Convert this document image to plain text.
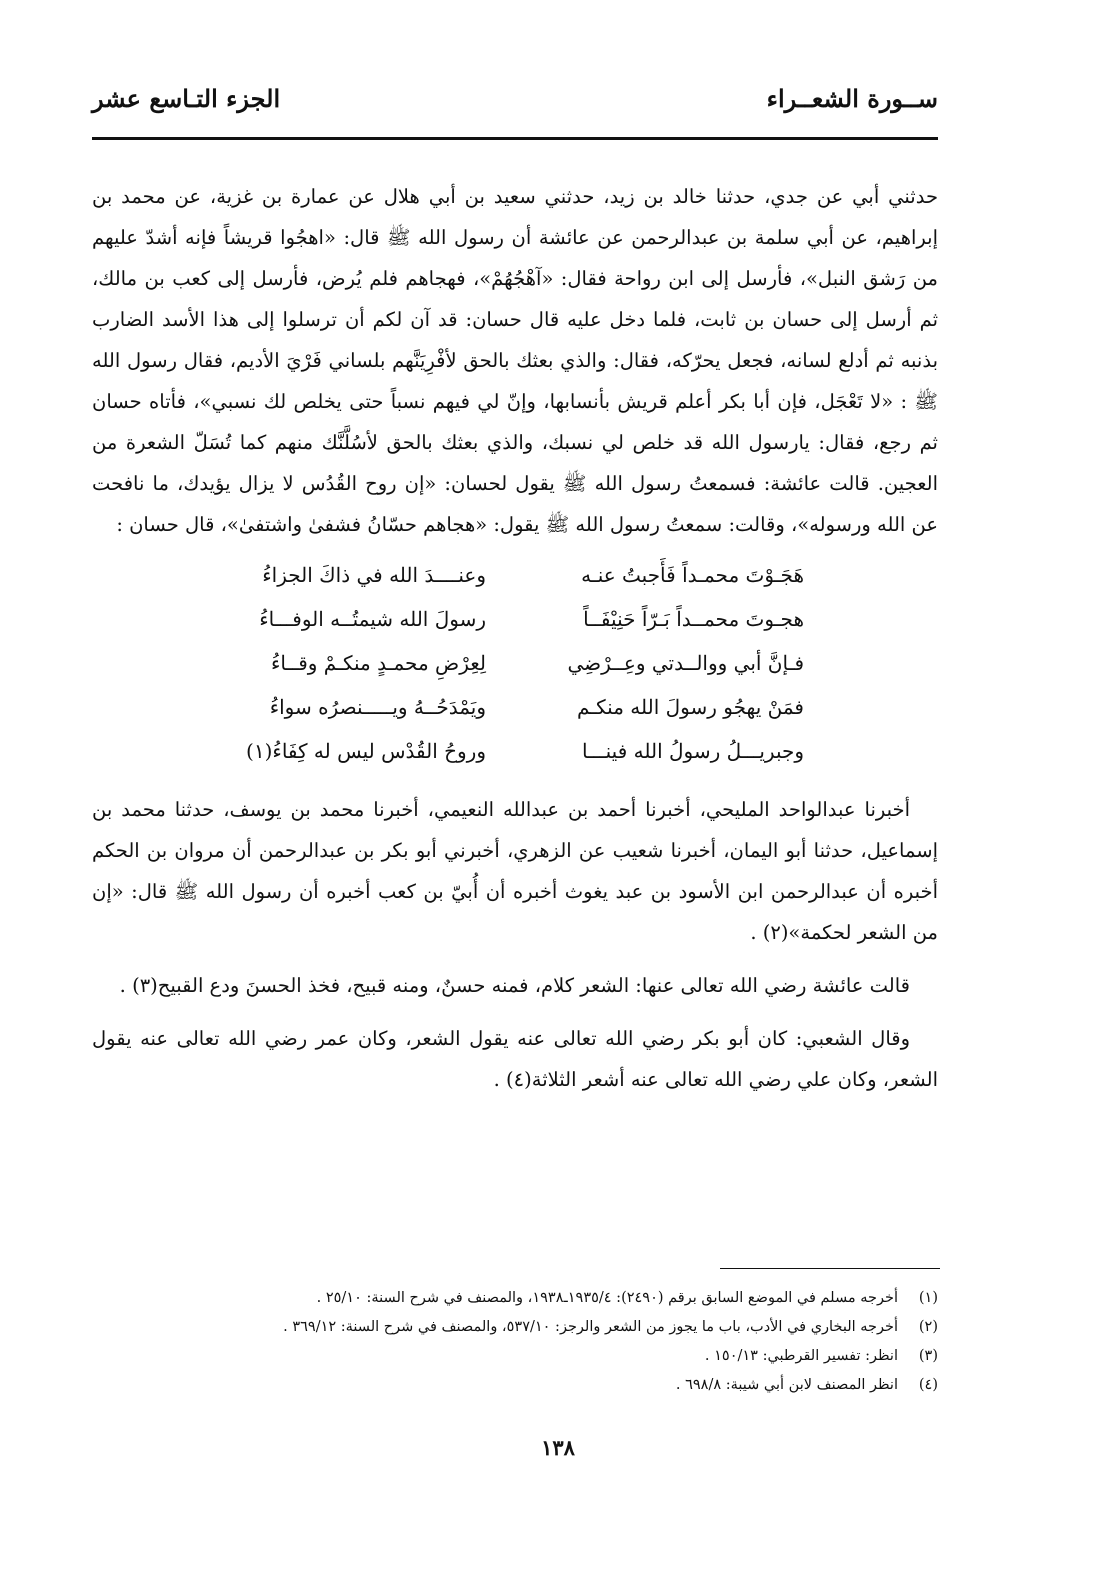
ســورة الشعــراء
الجزء التـاسع عشر

حدثني أبي عن جدي، حدثنا خالد بن زيد، حدثني سعيد بن أبي هلال عن عمارة بن غزية، عن محمد بن إبراهيم، عن أبي سلمة بن عبدالرحمن عن عائشة أن رسول الله ﷺ قال: «اهجُوا قريشاً فإنه أشدّ عليهم من رَشق النبل»، فأرسل إلى ابن رواحة فقال: «آهْجُهُمْ»، فهجاهم فلم يُرض، فأرسل إلى كعب بن مالك، ثم أرسل إلى حسان بن ثابت، فلما دخل عليه قال حسان: قد آن لكم أن ترسلوا إلى هذا الأسد الضارب بذنبه ثم أدلع لسانه، فجعل يحرّكه، فقال: والذي بعثك بالحق لأفْرِيَنَّهم بلساني فَرْيَ الأديم، فقال رسول الله ﷺ : «لا تَعْجَل، فإن أبا بكر أعلم قريش بأنسابها، وإنّ لي فيهم نسباً حتى يخلص لك نسبي»، فأتاه حسان ثم رجع، فقال: يارسول الله قد خلص لي نسبك، والذي بعثك بالحق لأسُلَّنَّك منهم كما تُسَلّ الشعرة من العجين. قالت عائشة: فسمعتُ رسول الله ﷺ يقول لحسان: «إن روح القُدُس لا يزال يؤيدك، ما نافحت عن الله ورسوله»، وقالت: سمعتُ رسول الله ﷺ يقول: «هجاهم حسّانُ فشفىٰ واشتفىٰ»، قال حسان :

هَجَـوْتَ محمـداً فَأَجبتُ عنـه
وعنــــدَ الله في ذاكَ الجزاءُ
هجـوتَ محمــداً بَـرّاً حَنِيْفَــاً
رسولَ الله شيمتُــه الوفـــاءُ
فـإنَّ أبي ووالــدتي وعِــرْضِي
لِعِرْضِ محمـدٍ منكـمْ وقــاءُ
فمَنْ يهجُو رسولَ الله منكـم
ويَمْدَحُــهُ ويـــــنصرُه سواءُ
وجبريـــلُ رسولُ الله فينـــا
وروحُ القُدْس ليس له كِفَاءُ(١)

أخبرنا عبدالواحد المليحي، أخبرنا أحمد بن عبدالله النعيمي، أخبرنا محمد بن يوسف، حدثنا محمد بن إسماعيل، حدثنا أبو اليمان، أخبرنا شعيب عن الزهري، أخبرني أبو بكر بن عبدالرحمن أن مروان بن الحكم أخبره أن عبدالرحمن ابن الأسود بن عبد يغوث أخبره أن أُبيّ بن كعب أخبره أن رسول الله ﷺ قال: «إن من الشعر لحكمة»(٢) .

قالت عائشة رضي الله تعالى عنها: الشعر كلام، فمنه حسنٌ، ومنه قبيح، فخذ الحسنَ ودع القبيح(٣) .

وقال الشعبي: كان أبو بكر رضي الله تعالى عنه يقول الشعر، وكان عمر رضي الله تعالى عنه يقول الشعر، وكان علي رضي الله تعالى عنه أشعر الثلاثة(٤) .

(١)
أخرجه مسلم في الموضع السابق برقم (٢٤٩٠): ١٩٣٥/٤ـ١٩٣٨، والمصنف في شرح السنة: ٢٥/١٠ .
(٢)
أخرجه البخاري في الأدب، باب ما يجوز من الشعر والرجز: ٥٣٧/١٠، والمصنف في شرح السنة: ٣٦٩/١٢ .
(٣)
انظر: تفسير القرطبي: ١٥٠/١٣ .
(٤)
انظر المصنف لابن أبي شيبة: ٦٩٨/٨ .
١٣٨
